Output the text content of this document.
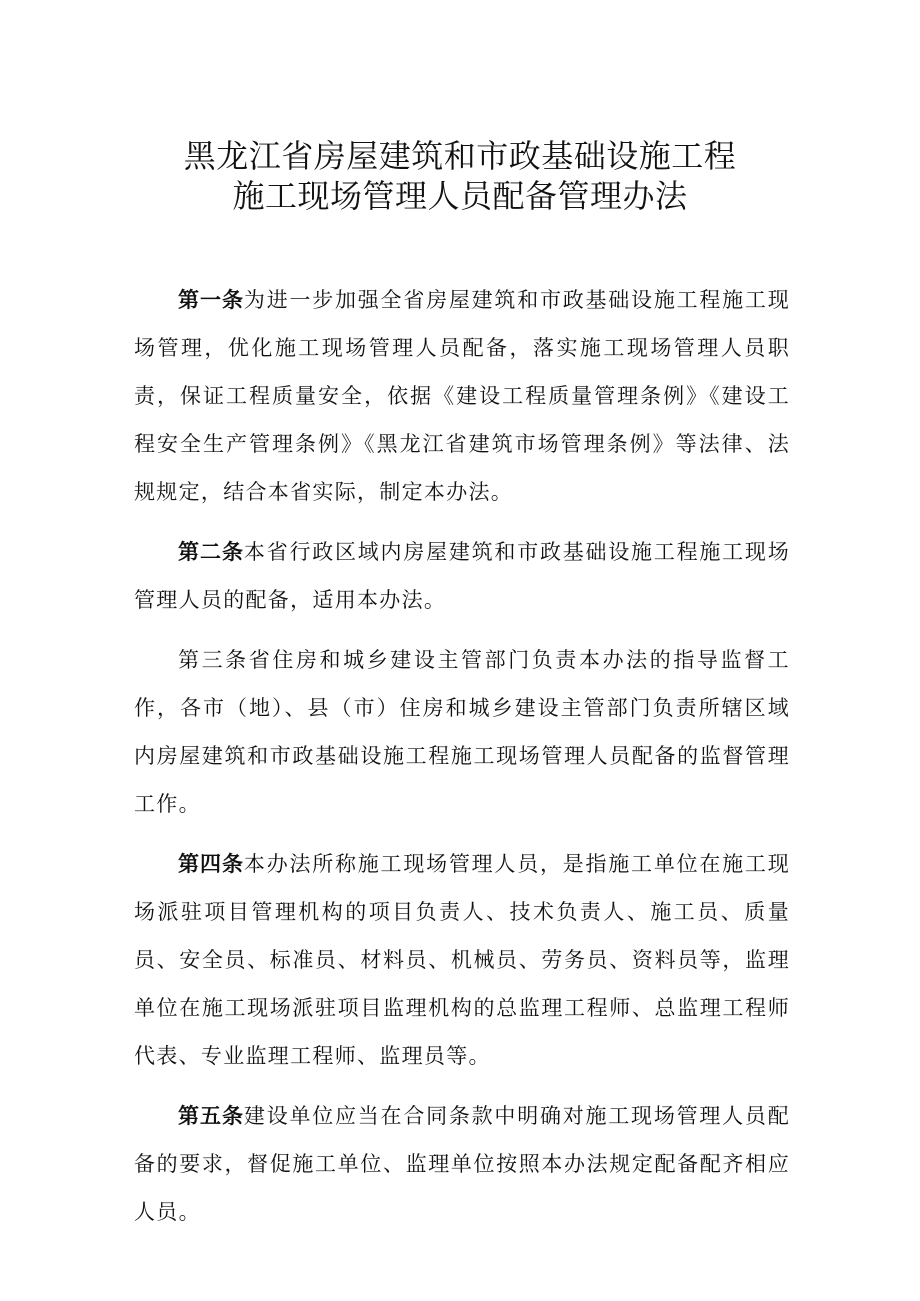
黑龙江省房屋建筑和市政基础设施工程
施工现场管理人员配备管理办法

第一条为进一步加强全省房屋建筑和市政基础设施工程施工现场管理，优化施工现场管理人员配备，落实施工现场管理人员职责，保证工程质量安全，依据《建设工程质量管理条例》《建设工程安全生产管理条例》《黑龙江省建筑市场管理条例》等法律、法规规定，结合本省实际，制定本办法。

第二条本省行政区域内房屋建筑和市政基础设施工程施工现场管理人员的配备，适用本办法。

第三条省住房和城乡建设主管部门负责本办法的指导监督工作，各市（地）、县（市）住房和城乡建设主管部门负责所辖区域内房屋建筑和市政基础设施工程施工现场管理人员配备的监督管理工作。

第四条本办法所称施工现场管理人员，是指施工单位在施工现场派驻项目管理机构的项目负责人、技术负责人、施工员、质量员、安全员、标准员、材料员、机械员、劳务员、资料员等，监理单位在施工现场派驻项目监理机构的总监理工程师、总监理工程师代表、专业监理工程师、监理员等。

第五条建设单位应当在合同条款中明确对施工现场管理人员配备的要求，督促施工单位、监理单位按照本办法规定配备配齐相应人员。
